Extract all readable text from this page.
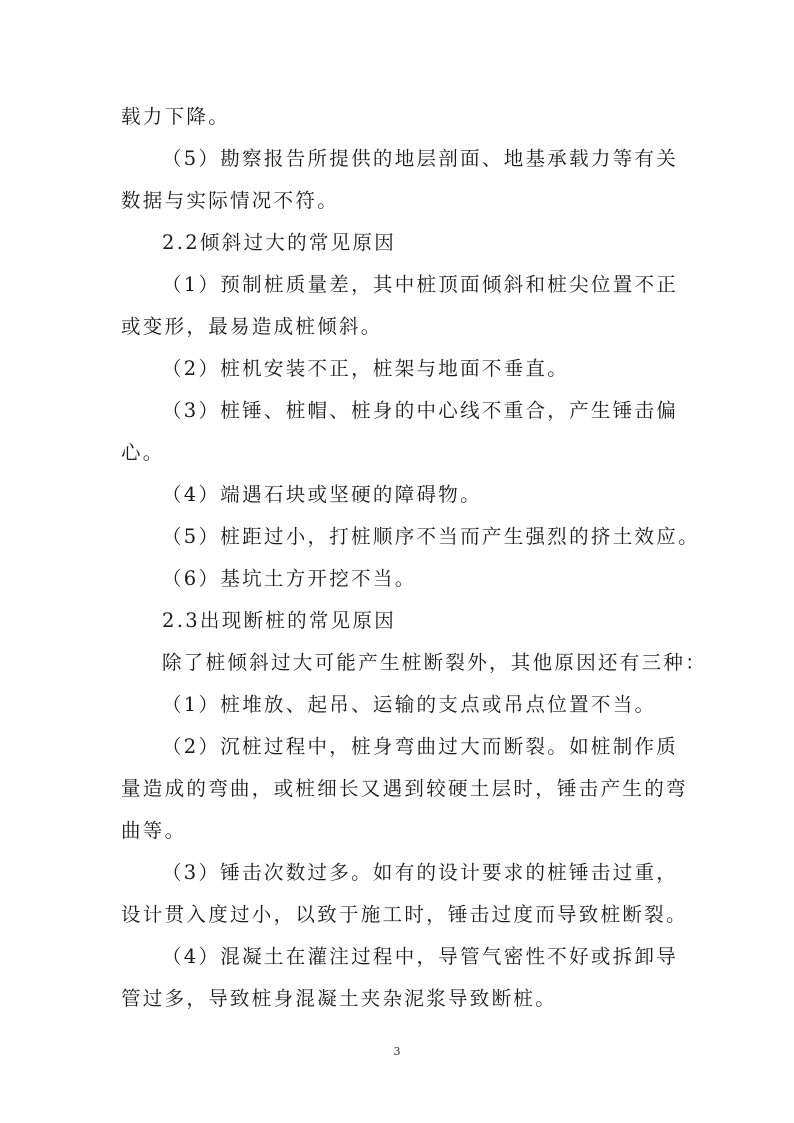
载力下降。
（5）勘察报告所提供的地层剖面、地基承载力等有关
数据与实际情况不符。
2.2倾斜过大的常见原因
（1）预制桩质量差，其中桩顶面倾斜和桩尖位置不正
或变形，最易造成桩倾斜。
（2）桩机安装不正，桩架与地面不垂直。
（3）桩锤、桩帽、桩身的中心线不重合，产生锤击偏
心。
（4）端遇石块或坚硬的障碍物。
（5）桩距过小，打桩顺序不当而产生强烈的挤土效应。
（6）基坑土方开挖不当。
2.3出现断桩的常见原因
除了桩倾斜过大可能产生桩断裂外，其他原因还有三种：
（1）桩堆放、起吊、运输的支点或吊点位置不当。
（2）沉桩过程中，桩身弯曲过大而断裂。如桩制作质
量造成的弯曲，或桩细长又遇到较硬土层时，锤击产生的弯
曲等。
（3）锤击次数过多。如有的设计要求的桩锤击过重，
设计贯入度过小，以致于施工时，锤击过度而导致桩断裂。
（4）混凝土在灌注过程中，导管气密性不好或拆卸导
管过多，导致桩身混凝土夹杂泥浆导致断桩。
3
